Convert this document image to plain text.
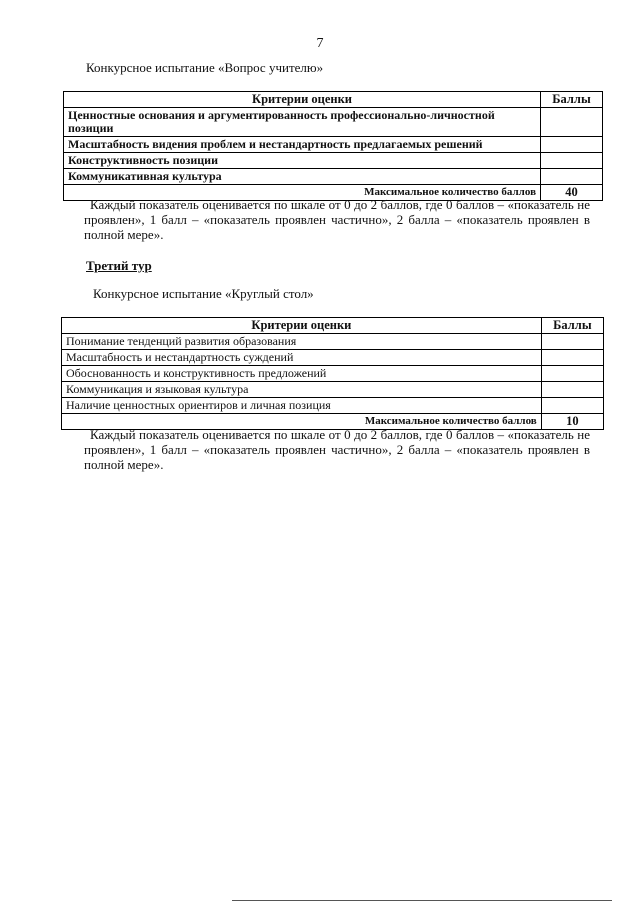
7
Конкурсное испытание «Вопрос учителю»
Критерии оценки	Баллы
Ценностные основания и аргументированность профессионально-личностной позиции	
Масштабность видения проблем и нестандартность предлагаемых решений	
Конструктивность позиции	
Коммуникативная культура	
Максимальное количество баллов	40

Каждый показатель оценивается по шкале от 0 до 2 баллов, где 0 баллов – «показатель не проявлен», 1 балл – «показатель проявлен частично», 2 балла – «показатель проявлен в полной мере».

Третий тур
Конкурсное испытание «Круглый стол»
Критерии оценки	Баллы
Понимание тенденций развития образования	
Масштабность и нестандартность суждений	
Обоснованность и конструктивность предложений	
Коммуникация и языковая культура	
Наличие ценностных ориентиров и личная позиция	
Максимальное количество баллов	10

Каждый показатель оценивается по шкале от 0 до 2 баллов, где 0 баллов – «показатель не проявлен», 1 балл – «показатель проявлен частично», 2 балла – «показатель проявлен в полной мере».
